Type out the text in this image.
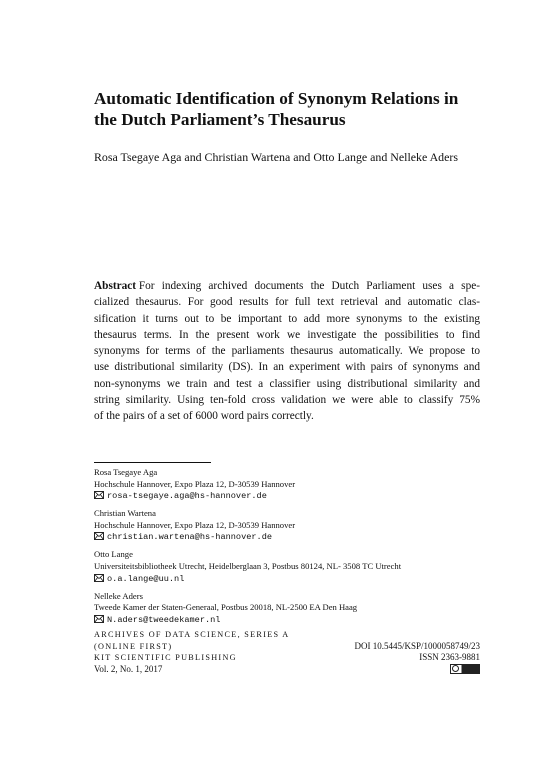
Automatic Identification of Synonym Relations in
the Dutch Parliament’s Thesaurus
Rosa Tsegaye Aga and Christian Wartena and Otto Lange and Nelleke Aders
Abstract For indexing archived documents the Dutch Parliament uses a spe-
cialized thesaurus. For good results for full text retrieval and automatic clas-
sification it turns out to be important to add more synonyms to the existing
thesaurus terms. In the present work we investigate the possibilities to find
synonyms for terms of the parliaments thesaurus automatically. We propose to
use distributional similarity (DS). In an experiment with pairs of synonyms and
non-synonyms we train and test a classifier using distributional similarity and
string similarity. Using ten-fold cross validation we were able to classify 75%
of the pairs of a set of 6000 word pairs correctly.
Rosa Tsegaye Aga
Hochschule Hannover, Expo Plaza 12, D-30539 Hannover
rosa-tsegaye.aga@hs-hannover.de
Christian Wartena
Hochschule Hannover, Expo Plaza 12, D-30539 Hannover
christian.wartena@hs-hannover.de
Otto Lange
Universiteitsbibliotheek Utrecht, Heidelberglaan 3, Postbus 80124, NL- 3508 TC Utrecht
o.a.lange@uu.nl
Nelleke Aders
Tweede Kamer der Staten-Generaal, Postbus 20018, NL-2500 EA Den Haag
N.aders@tweedekamer.nl
ARCHIVES OF DATA SCIENCE, SERIES A
(ONLINE FIRST)	DOI 10.5445/KSP/1000058749/23
KIT SCIENTIFIC PUBLISHING	ISSN 2363-9881
Vol. 2, No. 1, 2017
